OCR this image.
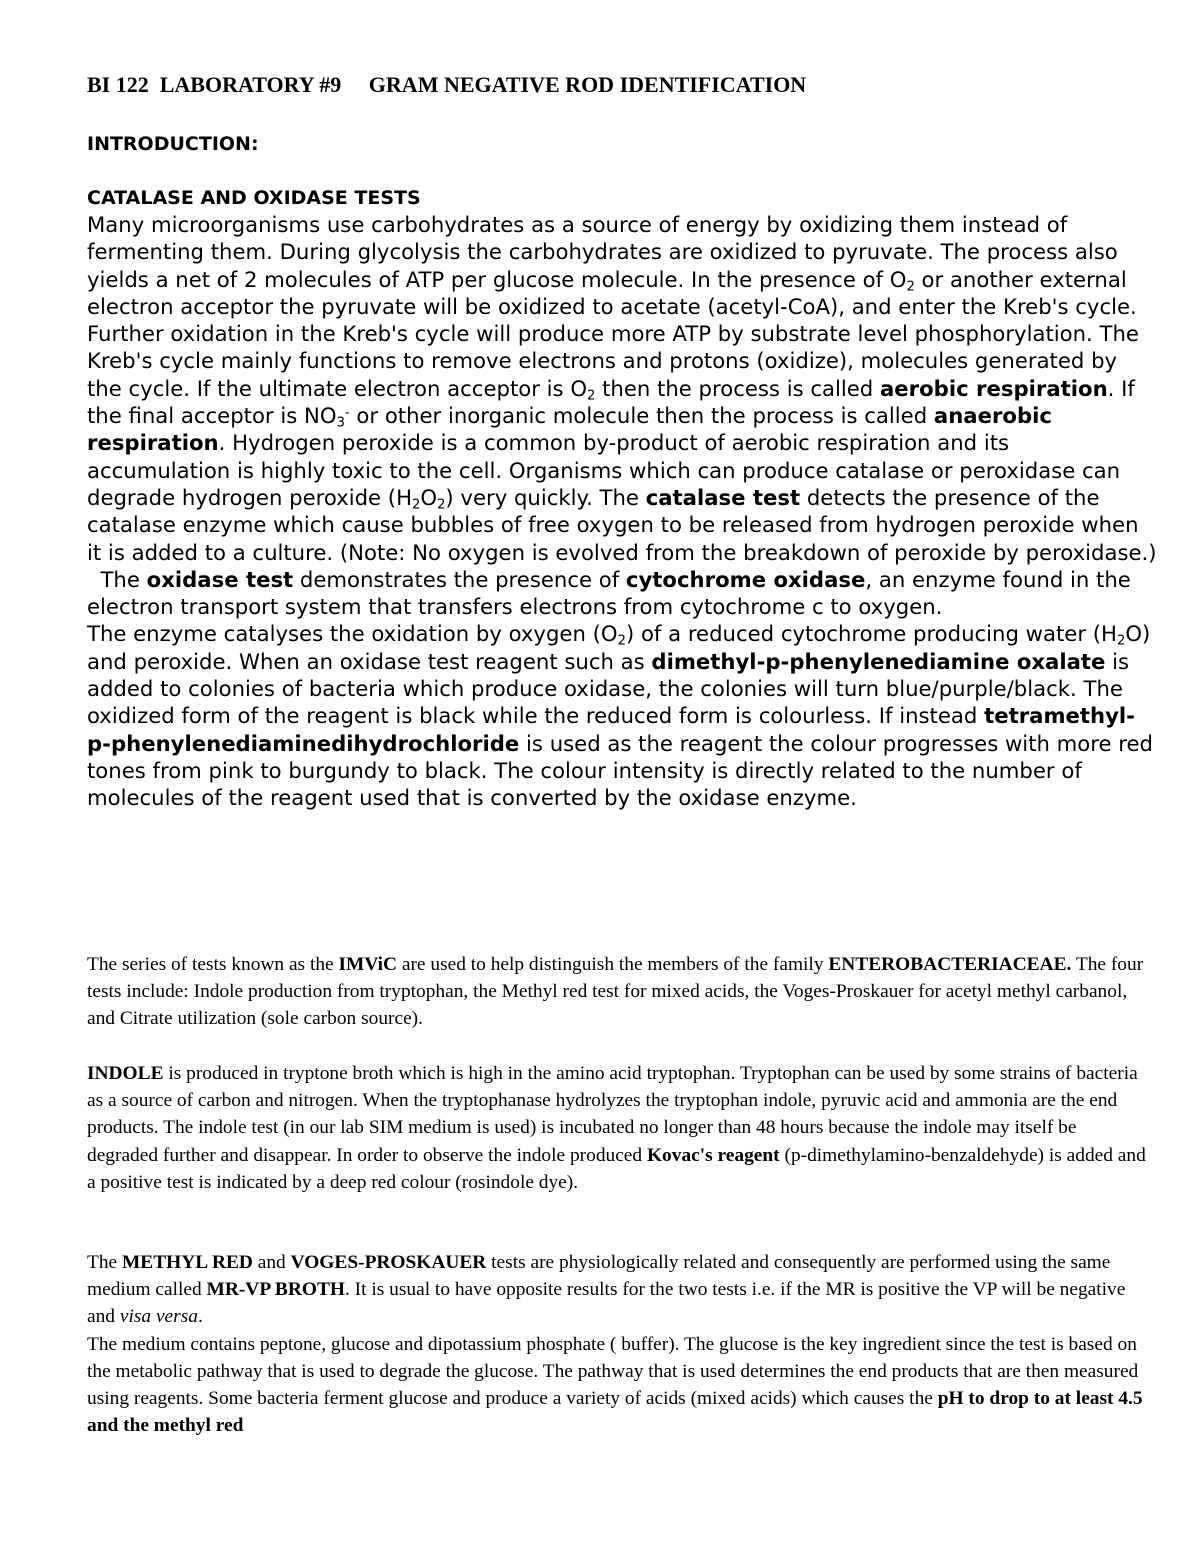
BI 122  LABORATORY #9     GRAM NEGATIVE ROD IDENTIFICATION
INTRODUCTION:
CATALASE AND OXIDASE TESTS

Many microorganisms use carbohydrates as a source of energy by oxidizing them instead of fermenting them. During glycolysis the carbohydrates are oxidized to pyruvate. The process also yields a net of 2 molecules of ATP per glucose molecule. In the presence of $O_2$ or another external electron acceptor the pyruvate will be oxidized to acetate (acetyl-CoA), and enter the Kreb's cycle. Further oxidation in the Kreb's cycle will produce more ATP by substrate level phosphorylation. The Kreb's cycle mainly functions to remove electrons and protons (oxidize), molecules generated by the cycle. If the ultimate electron acceptor is $O_2$ then the process is called aerobic respiration. If the final acceptor is $NO_3^-$ or other inorganic molecule then the process is called anaerobic respiration. Hydrogen peroxide is a common by-product of aerobic respiration and its accumulation is highly toxic to the cell. Organisms which can produce catalase or peroxidase can degrade hydrogen peroxide $(H_2O_2)$ very quickly. The catalase test detects the presence of the catalase enzyme which cause bubbles of free oxygen to be released from hydrogen peroxide when it is added to a culture. (Note: No oxygen is evolved from the breakdown of peroxide by peroxidase.)

The oxidase test demonstrates the presence of cytochrome oxidase, an enzyme found in the electron transport system that transfers electrons from cytochrome c to oxygen.

The enzyme catalyses the oxidation by oxygen $(O_2)$ of a reduced cytochrome producing water $(H_2O)$ and peroxide. When an oxidase test reagent such as dimethyl-p-phenylenediamine oxalate is added to colonies of bacteria which produce oxidase, the colonies will turn blue/purple/black. The oxidized form of the reagent is black while the reduced form is colourless. If instead tetramethyl-p-phenylenediaminedihydrochloride is used as the reagent the colour progresses with more red tones from pink to burgundy to black. The colour intensity is directly related to the number of molecules of the reagent used that is converted by the oxidase enzyme.

The series of tests known as the IMViC are used to help distinguish the members of the family ENTEROBACTERIACEAE. The four tests include: Indole production from tryptophan, the Methyl red test for mixed acids, the Voges-Proskauer for acetyl methyl carbanol, and Citrate utilization (sole carbon source).

INDOLE is produced in tryptone broth which is high in the amino acid tryptophan. Tryptophan can be used by some strains of bacteria as a source of carbon and nitrogen. When the tryptophanase hydrolyzes the tryptophan indole, pyruvic acid and ammonia are the end products. The indole test (in our lab SIM medium is used) is incubated no longer than 48 hours because the indole may itself be degraded further and disappear. In order to observe the indole produced Kovac's reagent (p-dimethylamino-benzaldehyde) is added and a positive test is indicated by a deep red colour (rosindole dye).

The METHYL RED and VOGES-PROSKAUER tests are physiologically related and consequently are performed using the same medium called MR-VP BROTH. It is usual to have opposite results for the two tests i.e. if the MR is positive the VP will be negative and visa versa.

The medium contains peptone, glucose and dipotassium phosphate ( buffer). The glucose is the key ingredient since the test is based on the metabolic pathway that is used to degrade the glucose. The pathway that is used determines the end products that are then measured using reagents. Some bacteria ferment glucose and produce a variety of acids (mixed acids) which causes the pH to drop to at least 4.5 and the methyl red
